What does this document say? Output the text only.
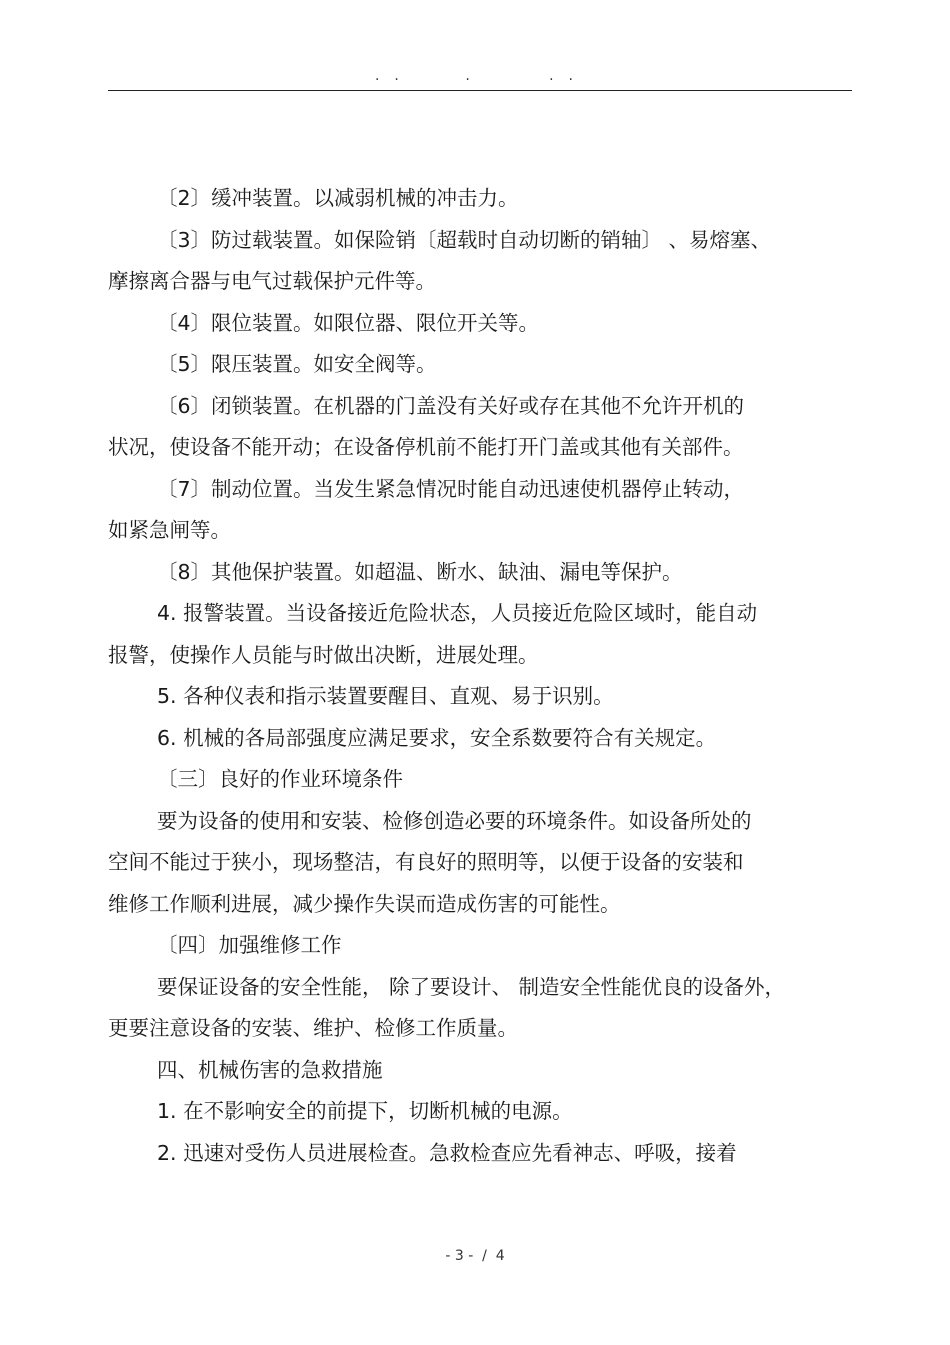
.  .          .            .  .
〔2〕缓冲装置。以减弱机械的冲击力。
〔3〕防过载装置。如保险销〔超载时自动切断的销轴〕 、易熔塞、
摩擦离合器与电气过载保护元件等。
〔4〕限位装置。如限位器、限位开关等。
〔5〕限压装置。如安全阀等。
〔6〕闭锁装置。在机器的门盖没有关好或存在其他不允许开机的
状况，使设备不能开动；在设备停机前不能打开门盖或其他有关部件。
〔7〕制动位置。当发生紧急情况时能自动迅速使机器停止转动，
如紧急闸等。
〔8〕其他保护装置。如超温、断水、缺油、漏电等保护。
4. 报警装置。当设备接近危险状态，人员接近危险区域时，能自动
报警，使操作人员能与时做出决断，进展处理。
5. 各种仪表和指示装置要醒目、直观、易于识别。
6. 机械的各局部强度应满足要求，安全系数要符合有关规定。
〔三〕良好的作业环境条件
要为设备的使用和安装、检修创造必要的环境条件。如设备所处的
空间不能过于狭小，现场整洁，有良好的照明等，以便于设备的安装和
维修工作顺利进展，减少操作失误而造成伤害的可能性。
〔四〕加强维修工作
要保证设备的安全性能， 除了要设计、 制造安全性能优良的设备外，
更要注意设备的安装、维护、检修工作质量。
四、机械伤害的急救措施
1. 在不影响安全的前提下，切断机械的电源。
2. 迅速对受伤人员进展检查。急救检查应先看神志、呼吸，接着
- 3 -  /  4
